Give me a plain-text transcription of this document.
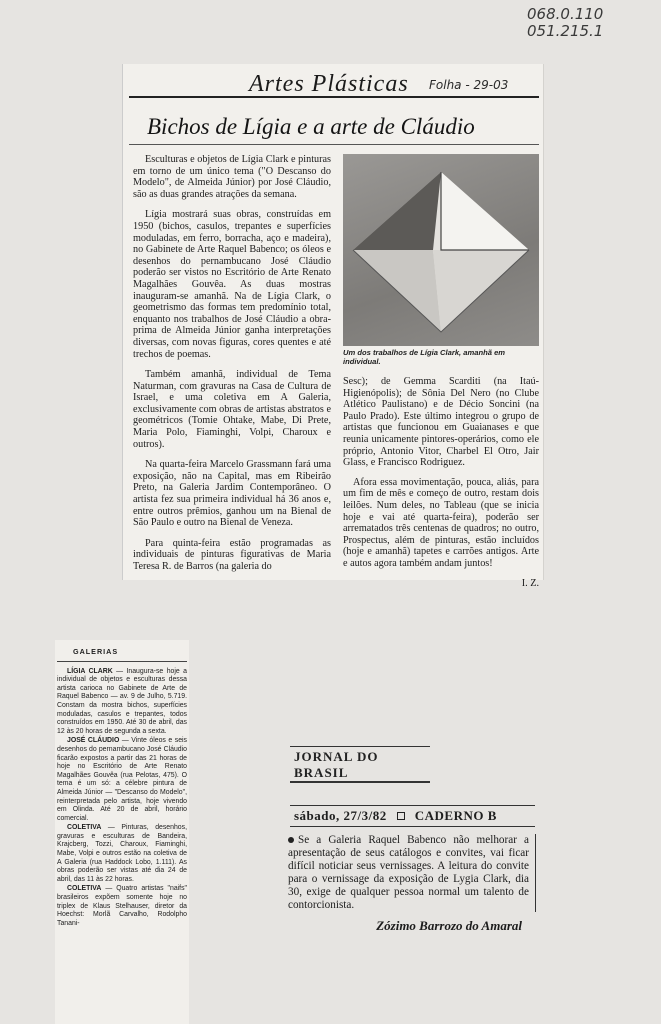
068.0.110
051.215.1
Artes Plásticas Folha - 29-03
Bichos de Lígia e a arte de Cláudio

Esculturas e objetos de Lígia Clark e pinturas em torno de um único tema ("O Descanso do Modelo", de Almeida Júnior) por José Cláudio, são as duas grandes atrações da semana.

Lígia mostrará suas obras, construídas em 1950 (bichos, casulos, trepantes e superfícies moduladas, em ferro, borracha, aço e madeira), no Gabinete de Arte Raquel Babenco; os óleos e desenhos do pernambucano José Cláudio poderão ser vistos no Escritório de Arte Renato Magalhães Gouvêa. As duas mostras inauguram-se amanhã. Na de Lígia Clark, o geometrismo das formas tem predomínio total, enquanto nos trabalhos de José Cláudio a obra-prima de Almeida Júnior ganha interpretações diversas, com novas figuras, cores quentes e até trechos de poemas.

Também amanhã, individual de Tema Naturman, com gravuras na Casa de Cultura de Israel, e uma coletiva em A Galeria, exclusivamente com obras de artistas abstratos e geométricos (Tomie Ohtake, Mabe, Di Prete, Maria Polo, Fiaminghi, Volpi, Charoux e outros).

Na quarta-feira Marcelo Grassmann fará uma exposição, não na Capital, mas em Ribeirão Preto, na Galeria Jardim Contemporâneo. O artista fez sua primeira individual há 36 anos e, entre outros prêmios, ganhou um na Bienal de São Paulo e outro na Bienal de Veneza.

Para quinta-feira estão programadas as individuais de pinturas figurativas de Maria Teresa R. de Barros (na galeria do

Um dos trabalhos de Lígia Clark, amanhã em individual.

Sesc); de Gemma Scarditi (na Itaú-Higienópolis); de Sônia Del Nero (no Clube Atlético Paulistano) e de Décio Soncini (na Paulo Prado). Este último integrou o grupo de artistas que funcionou em Guaianases e que reunia unicamente pintores-operários, como ele próprio, Antonio Vitor, Charbel El Otro, Jair Glass, e Francisco Rodriguez.

Afora essa movimentação, pouca, aliás, para um fim de mês e começo de outro, restam dois leilões. Num deles, no Tableau (que se inicia hoje e vai até quarta-feira), poderão ser arrematados três centenas de quadros; no outro, Prospectus, além de pinturas, estão incluídos (hoje e amanhã) tapetes e carrões antigos. Arte e autos agora também andam juntos!

I. Z.
GALERIAS

LÍGIA CLARK — Inaugura-se hoje a individual de objetos e esculturas dessa artista carioca no Gabinete de Arte de Raquel Babenco — av. 9 de Julho, 5.719. Constam da mostra bichos, superfícies moduladas, casulos e trepantes, todos construídos em 1950. Até 30 de abril, das 12 às 20 horas de segunda a sexta.

JOSÉ CLÁUDIO — Vinte óleos e seis desenhos do pernambucano José Cláudio ficarão expostos a partir das 21 horas de hoje no Escritório de Arte Renato Magalhães Gouvêa (rua Pelotas, 475). O tema é um só: a célebre pintura de Almeida Júnior — "Descanso do Modelo", reinterpretada pelo artista, hoje vivendo em Olinda. Até 20 de abril, horário comercial.

COLETIVA — Pinturas, desenhos, gravuras e esculturas de Bandeira, Krajcberg, Tozzi, Charoux, Fiaminghi, Mabe, Volpi e outros estão na coletiva de A Galeria (rua Haddock Lobo, 1.111). As obras poderão ser vistas até dia 24 de abril, das 11 às 22 horas.

COLETIVA — Quatro artistas "naifs" brasileiros expõem somente hoje no triplex de Klaus Stelhauser, diretor da Hoechst: Morlã Carvalho, Rodolpho Tanani-

JORNAL DO BRASIL
sábado, 27/3/82 CADERNO B
Se a Galeria Raquel Babenco não melhorar a apresentação de seus catálogos e convites, vai ficar difícil noticiar seus vernissages. A leitura do convite para o vernissage da exposição de Lygia Clark, dia 30, exige de qualquer pessoa normal um talento de contorcionista.
Zózimo Barrozo do Amaral
